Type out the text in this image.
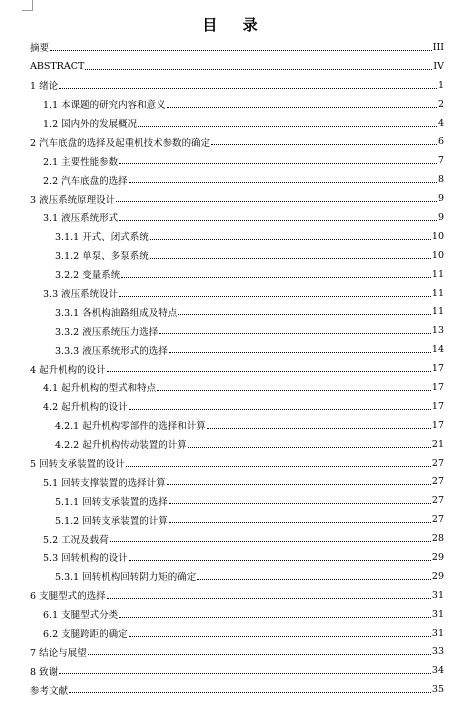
目 录
摘要	III
ABSTRACT	IV
1 绪论	1
1.1 本课题的研究内容和意义	2
1.2 国内外的发展概况	4
2 汽车底盘的选择及起重机技术参数的确定	6
2.1 主要性能参数	7
2.2 汽车底盘的选择	8
3 液压系统原理设计	9
3.1 液压系统形式	9
3.1.1 开式、闭式系统	10
3.1.2 单泵、多泵系统	10
3.2.2 变量系统	11
3.3 液压系统设计	11
3.3.1 各机构油路组成及特点	11
3.3.2 液压系统压力选择	13
3.3.3 液压系统形式的选择	14
4 起升机构的设计	17
4.1 起升机构的型式和特点	17
4.2 起升机构的设计	17
4.2.1 起升机构零部件的选择和计算	17
4.2.2 起升机构传动装置的计算	21
5 回转支承装置的设计	27
5.1 回转支撑装置的选择计算	27
5.1.1 回转支承装置的选择	27
5.1.2 回转支承装置的计算	27
5.2 工况及载荷	28
5.3 回转机构的设计	29
5.3.1 回转机构回转阴力矩的确定	29
6 支腿型式的选择	31
6.1 支腿型式分类	31
6.2 支腿跨距的确定	31
7 结论与展望	33
8 致谢	34
参考文献	35
